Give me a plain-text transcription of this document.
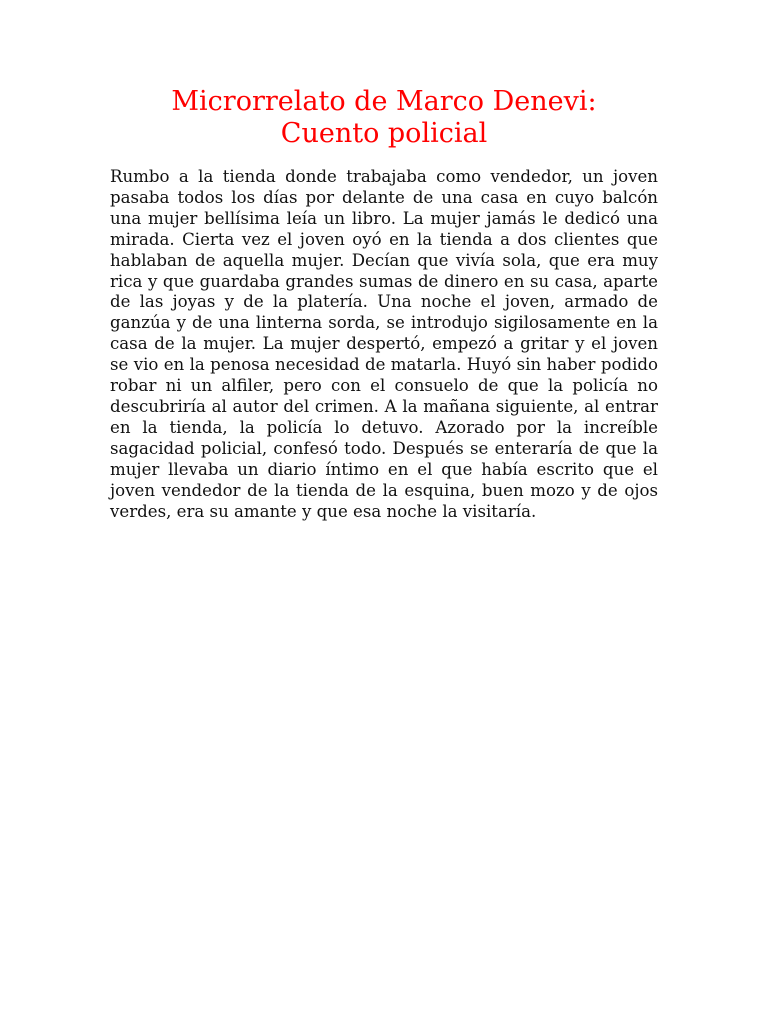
Microrrelato de Marco Denevi:
Cuento policial

Rumbo a la tienda donde trabajaba como vendedor, un joven pasaba todos los días por delante de una casa en cuyo balcón una mujer bellísima leía un libro. La mujer jamás le dedicó una mirada. Cierta vez el joven oyó en la tienda a dos clientes que hablaban de aquella mujer. Decían que vivía sola, que era muy rica y que guardaba grandes sumas de dinero en su casa, aparte de las joyas y de la platería. Una noche el joven, armado de ganzúa y de una linterna sorda, se introdujo sigilosamente en la casa de la mujer. La mujer despertó, empezó a gritar y el joven se vio en la penosa necesidad de matarla. Huyó sin haber podido robar ni un alfiler, pero con el consuelo de que la policía no descubriría al autor del crimen. A la mañana siguiente, al entrar en la tienda, la policía lo detuvo. Azorado por la increíble sagacidad policial, confesó todo. Después se enteraría de que la mujer llevaba un diario íntimo en el que había escrito que el joven vendedor de la tienda de la esquina, buen mozo y de ojos verdes, era su amante y que esa noche la visitaría.
